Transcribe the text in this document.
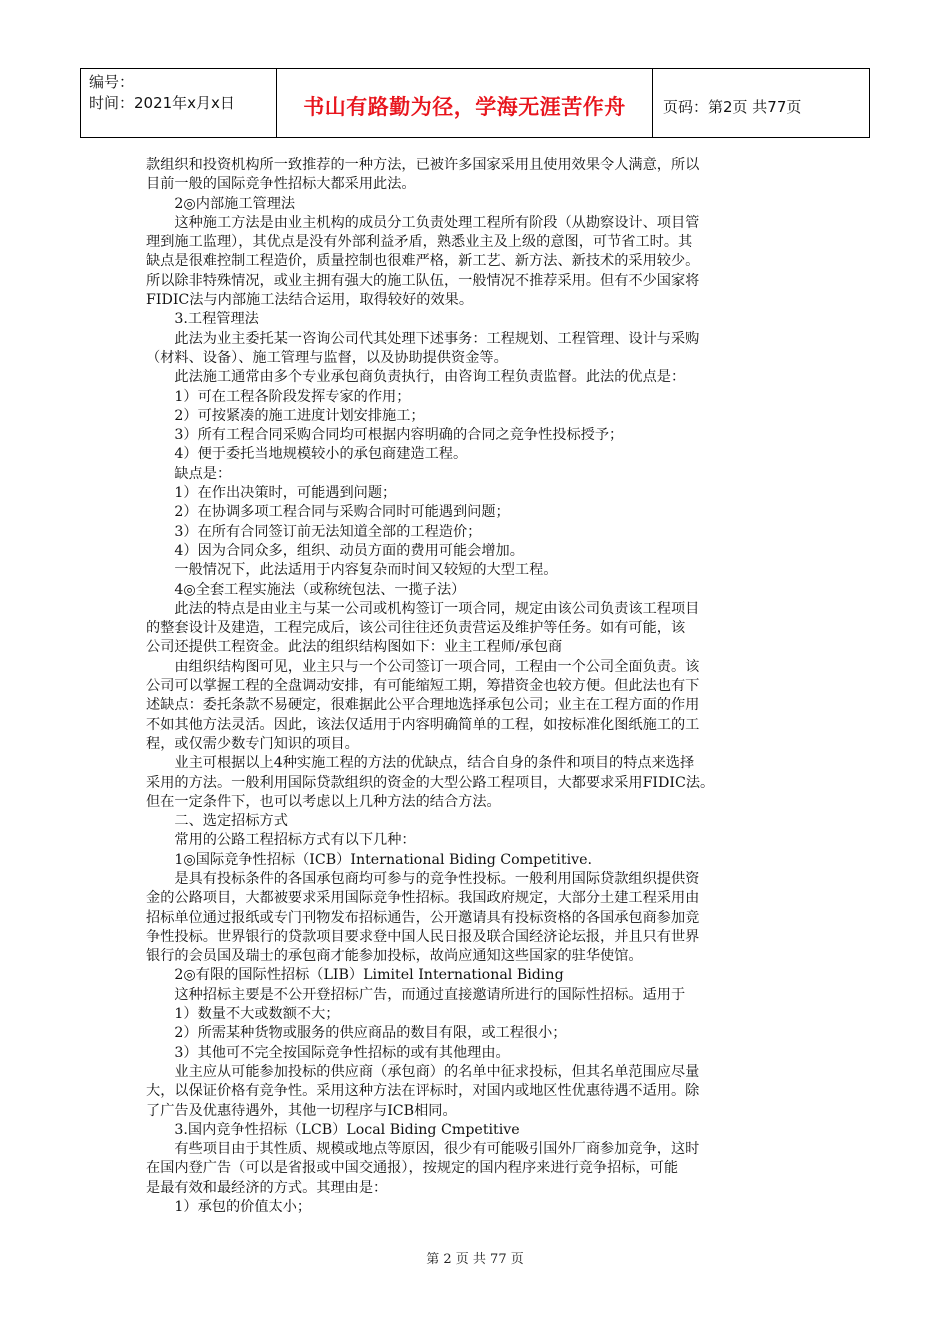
编号：
时间：2021年x月x日	书山有路勤为径，学海无涯苦作舟	页码：第2页 共77页

款组织和投资机构所一致推荐的一种方法，已被许多国家采用且使用效果令人满意，所以

目前一般的国际竞争性招标大都采用此法。

　　2◎内部施工管理法

　　这种施工方法是由业主机构的成员分工负责处理工程所有阶段（从勘察设计、项目管

理到施工监理），其优点是没有外部利益矛盾，熟悉业主及上级的意图，可节省工时。其

缺点是很难控制工程造价，质量控制也很难严格，新工艺、新方法、新技术的采用较少。

所以除非特殊情况，或业主拥有强大的施工队伍，一般情况不推荐采用。但有不少国家将

FIDIC法与内部施工法结合运用，取得较好的效果。

　　3.工程管理法

　　此法为业主委托某一咨询公司代其处理下述事务：工程规划、工程管理、设计与采购

（材料、设备）、施工管理与监督，以及协助提供资金等。

　　此法施工通常由多个专业承包商负责执行，由咨询工程负责监督。此法的优点是：

　　1）可在工程各阶段发挥专家的作用；

　　2）可按紧凑的施工进度计划安排施工；

　　3）所有工程合同采购合同均可根据内容明确的合同之竞争性投标授予；

　　4）便于委托当地规模较小的承包商建造工程。

　　缺点是：

　　1）在作出决策时，可能遇到问题；

　　2）在协调多项工程合同与采购合同时可能遇到问题；

　　3）在所有合同签订前无法知道全部的工程造价；

　　4）因为合同众多，组织、动员方面的费用可能会增加。

　　一般情况下，此法适用于内容复杂而时间又较短的大型工程。

　　4◎全套工程实施法（或称统包法、一揽子法）

　　此法的特点是由业主与某一公司或机构签订一项合同，规定由该公司负责该工程项目

的整套设计及建造，工程完成后，该公司往往还负责营运及维护等任务。如有可能，该

公司还提供工程资金。此法的组织结构图如下：业主工程师/承包商

　　由组织结构图可见，业主只与一个公司签订一项合同，工程由一个公司全面负责。该

公司可以掌握工程的全盘调动安排，有可能缩短工期，筹措资金也较方便。但此法也有下

述缺点：委托条款不易硬定，很难据此公平合理地选择承包公司；业主在工程方面的作用

不如其他方法灵活。因此，该法仅适用于内容明确简单的工程，如按标准化图纸施工的工

程，或仅需少数专门知识的项目。

　　业主可根据以上4种实施工程的方法的优缺点，结合自身的条件和项目的特点来选择

采用的方法。一般利用国际贷款组织的资金的大型公路工程项目，大都要求采用FIDIC法。

但在一定条件下，也可以考虑以上几种方法的结合方法。

　　二、选定招标方式

　　常用的公路工程招标方式有以下几种：

　　1◎国际竞争性招标（ICB）International Biding Competitive.

　　是具有投标条件的各国承包商均可参与的竞争性投标。一般利用国际贷款组织提供资

金的公路项目，大都被要求采用国际竞争性招标。我国政府规定，大部分土建工程采用由

招标单位通过报纸或专门刊物发布招标通告，公开邀请具有投标资格的各国承包商参加竞

争性投标。世界银行的贷款项目要求登中国人民日报及联合国经济论坛报，并且只有世界

银行的会员国及瑞士的承包商才能参加投标，故尚应通知这些国家的驻华使馆。

　　2◎有限的国际性招标（LIB）Limitel International Biding

　　这种招标主要是不公开登招标广告，而通过直接邀请所进行的国际性招标。适用于

　　1）数量不大或数额不大；

　　2）所需某种货物或服务的供应商品的数目有限，或工程很小；

　　3）其他可不完全按国际竞争性招标的或有其他理由。

　　业主应从可能参加投标的供应商（承包商）的名单中征求投标，但其名单范围应尽量

大，以保证价格有竞争性。采用这种方法在评标时，对国内或地区性优惠待遇不适用。除

了广告及优惠待遇外，其他一切程序与ICB相同。

　　3.国内竞争性招标（LCB）Local Biding Cmpetitive

　　有些项目由于其性质、规模或地点等原因，很少有可能吸引国外厂商参加竞争，这时

在国内登广告（可以是省报或中国交通报），按规定的国内程序来进行竞争招标，可能

是最有效和最经济的方式。其理由是：

　　1）承包的价值太小；

第 2 页 共 77 页
